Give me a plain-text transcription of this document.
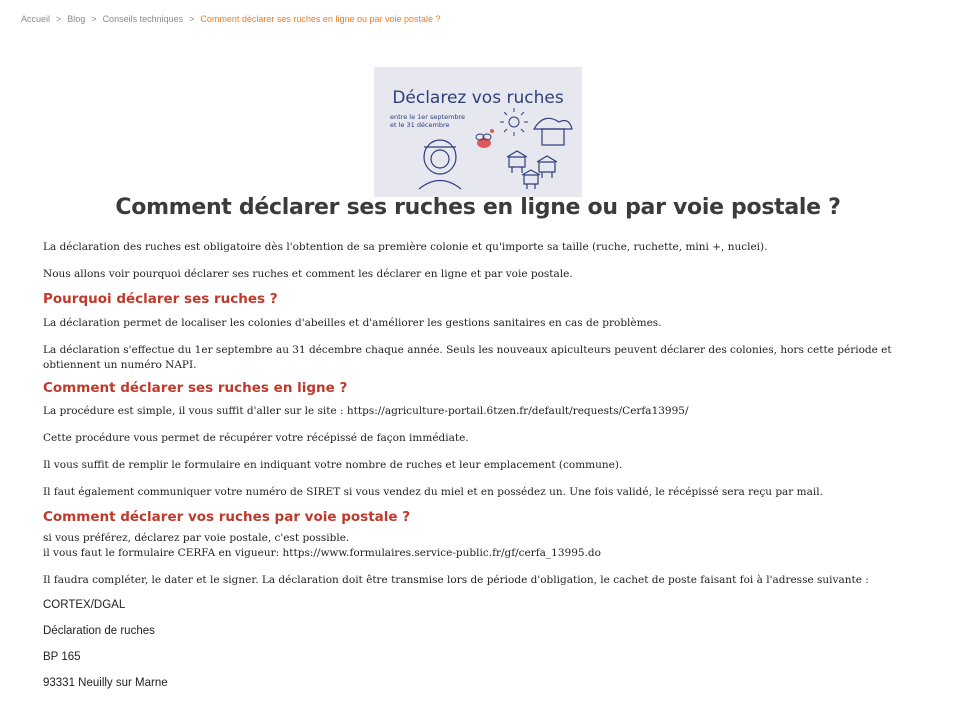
Accueil > Blog > Conseils techniques > Comment déclarer ses ruches en ligne ou par voie postale ?
Déclarez vos ruches
entre le 1er septembre
et le 31 décembre
Comment déclarer ses ruches en ligne ou par voie postale ?

La déclaration des ruches est obligatoire dès l'obtention de sa première colonie et qu'importe sa taille (ruche, ruchette, mini +, nuclei).

Nous allons voir pourquoi déclarer ses ruches et comment les déclarer en ligne et par voie postale.

Pourquoi déclarer ses ruches ?

La déclaration permet de localiser les colonies d'abeilles et d'améliorer les gestions sanitaires en cas de problèmes.

La déclaration s'effectue du 1er septembre au 31 décembre chaque année. Seuls les nouveaux apiculteurs peuvent déclarer des colonies, hors cette période et obtiennent un numéro NAPI.

Comment déclarer ses ruches en ligne ?

La procédure est simple, il vous suffit d'aller sur le site : https://agriculture-portail.6tzen.fr/default/requests/Cerfa13995/

Cette procédure vous permet de récupérer votre récépissé de façon immédiate.

Il vous suffit de remplir le formulaire en indiquant votre nombre de ruches et leur emplacement (commune).

Il faut également communiquer votre numéro de SIRET si vous vendez du miel et en possédez un. Une fois validé, le récépissé sera reçu par mail.

Comment déclarer vos ruches par voie postale ?

si vous préférez, déclarez par voie postale, c'est possible.

il vous faut le formulaire CERFA en vigueur: https://www.formulaires.service-public.fr/gf/cerfa_13995.do

Il faudra compléter, le dater et le signer. La déclaration doit être transmise lors de période d'obligation, le cachet de poste faisant foi à l'adresse suivante :

CORTEX/DGAL

Déclaration de ruches

BP 165

93331 Neuilly sur Marne
